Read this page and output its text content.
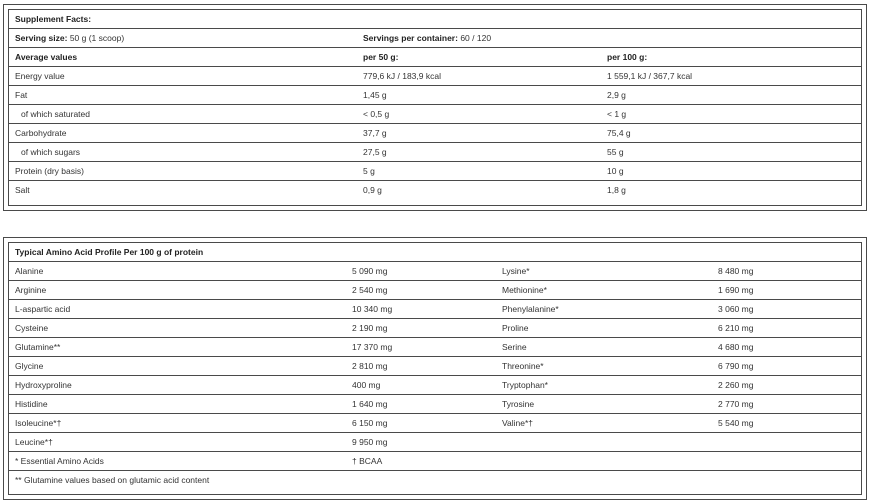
Supplement Facts:
Serving size: 50 g (1 scoop)	Servings per container: 60 / 120
Average values	per 50 g:	per 100 g:
Energy value	779,6 kJ / 183,9 kcal	1 559,1 kJ / 367,7 kcal
Fat	1,45 g	2,9 g
of which saturated	< 0,5 g	< 1 g
Carbohydrate	37,7 g	75,4 g
of which sugars	27,5 g	55 g
Protein (dry basis)	5 g	10 g
Salt	0,9 g	1,8 g
Typical Amino Acid Profile Per 100 g of protein
Alanine	5 090 mg	Lysine*	8 480 mg
Arginine	2 540 mg	Methionine*	1 690 mg
L-aspartic acid	10 340 mg	Phenylalanine*	3 060 mg
Cysteine	2 190 mg	Proline	6 210 mg
Glutamine**	17 370 mg	Serine	4 680 mg
Glycine	2 810 mg	Threonine*	6 790 mg
Hydroxyproline	400 mg	Tryptophan*	2 260 mg
Histidine	1 640 mg	Tyrosine	2 770 mg
Isoleucine*†	6 150 mg	Valine*†	5 540 mg
Leucine*†	9 950 mg
* Essential Amino Acids	† BCAA
** Glutamine values based on glutamic acid content
